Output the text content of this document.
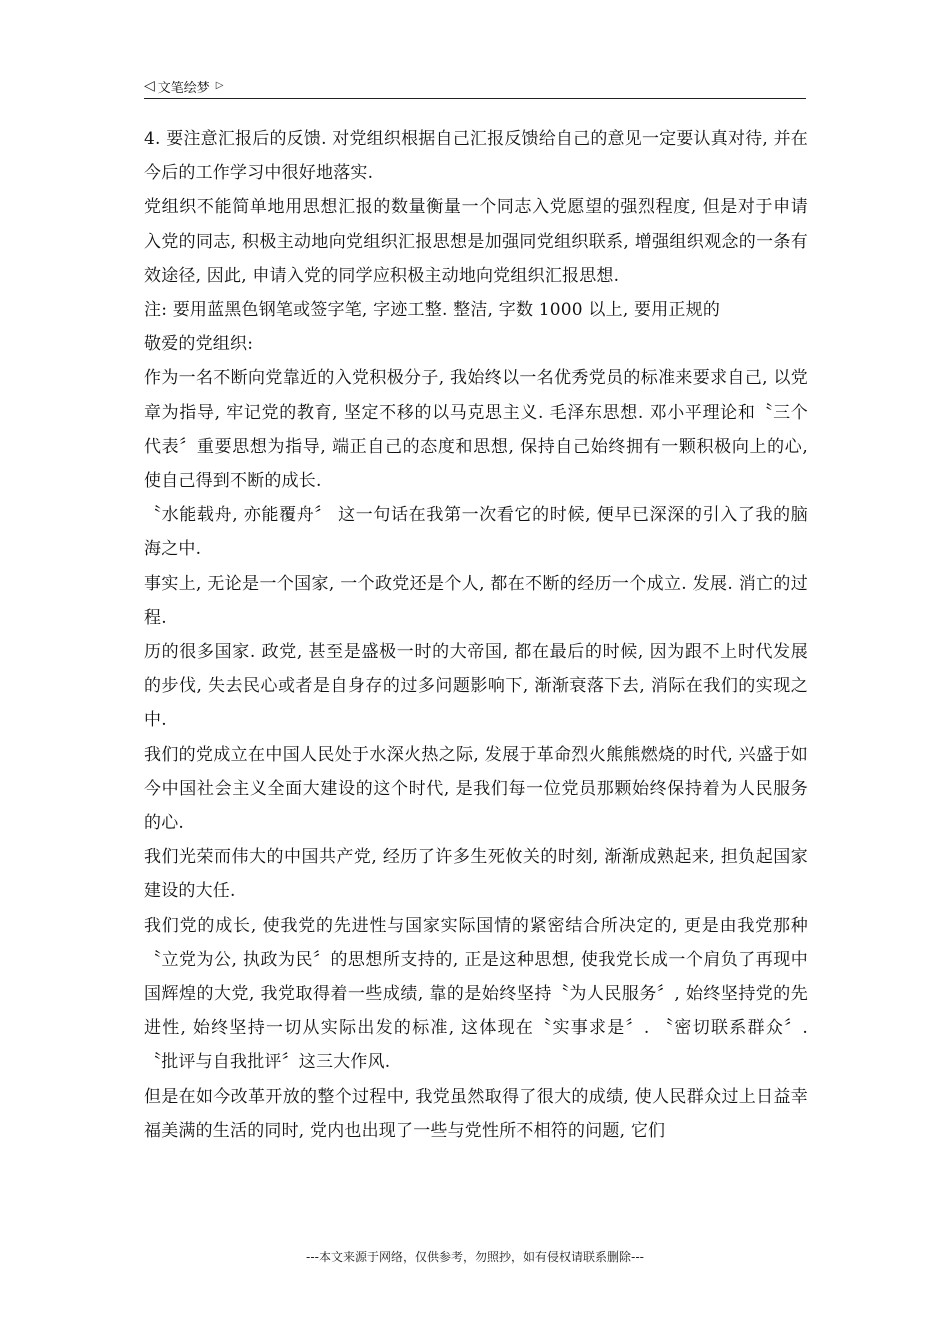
◁ 文笔绘梦 ▷

4. 要注意汇报后的反馈. 对党组织根据自己汇报反馈给自己的意见一定要认真对待, 并在今后的工作学习中很好地落实.

党组织不能简单地用思想汇报的数量衡量一个同志入党愿望的强烈程度, 但是对于申请入党的同志, 积极主动地向党组织汇报思想是加强同党组织联系, 增强组织观念的一条有效途径, 因此, 申请入党的同学应积极主动地向党组织汇报思想.

注: 要用蓝黑色钢笔或签字笔, 字迹工整. 整洁, 字数 1000 以上, 要用正规的

敬爱的党组织:

作为一名不断向党靠近的入党积极分子, 我始终以一名优秀党员的标准来要求自己, 以党章为指导, 牢记党的教育, 坚定不移的以马克思主义. 毛泽东思想. 邓小平理论和〝三个代表〞重要思想为指导, 端正自己的态度和思想, 保持自己始终拥有一颗积极向上的心, 使自己得到不断的成长.

〝水能载舟, 亦能覆舟〞 这一句话在我第一次看它的时候, 便早已深深的引入了我的脑海之中.

事实上, 无论是一个国家, 一个政党还是个人, 都在不断的经历一个成立. 发展. 消亡的过程.

历的很多国家. 政党, 甚至是盛极一时的大帝国, 都在最后的时候, 因为跟不上时代发展的步伐, 失去民心或者是自身存的过多问题影响下, 渐渐衰落下去, 消际在我们的实现之中.

我们的党成立在中国人民处于水深火热之际, 发展于革命烈火熊熊燃烧的时代, 兴盛于如今中国社会主义全面大建设的这个时代, 是我们每一位党员那颗始终保持着为人民服务的心.

我们光荣而伟大的中国共产党, 经历了许多生死攸关的时刻, 渐渐成熟起来, 担负起国家建设的大任.

我们党的成长, 使我党的先进性与国家实际国情的紧密结合所决定的, 更是由我党那种〝立党为公, 执政为民〞的思想所支持的, 正是这种思想, 使我党长成一个肩负了再现中国辉煌的大党, 我党取得着一些成绩, 靠的是始终坚持〝为人民服务〞, 始终坚持党的先进性, 始终坚持一切从实际出发的标准, 这体现在〝实事求是〞. 〝密切联系群众〞. 〝批评与自我批评〞这三大作风.

但是在如今改革开放的整个过程中, 我党虽然取得了很大的成绩, 使人民群众过上日益幸福美满的生活的同时, 党内也出现了一些与党性所不相符的问题, 它们

---本文来源于网络，仅供参考，勿照抄，如有侵权请联系删除---
